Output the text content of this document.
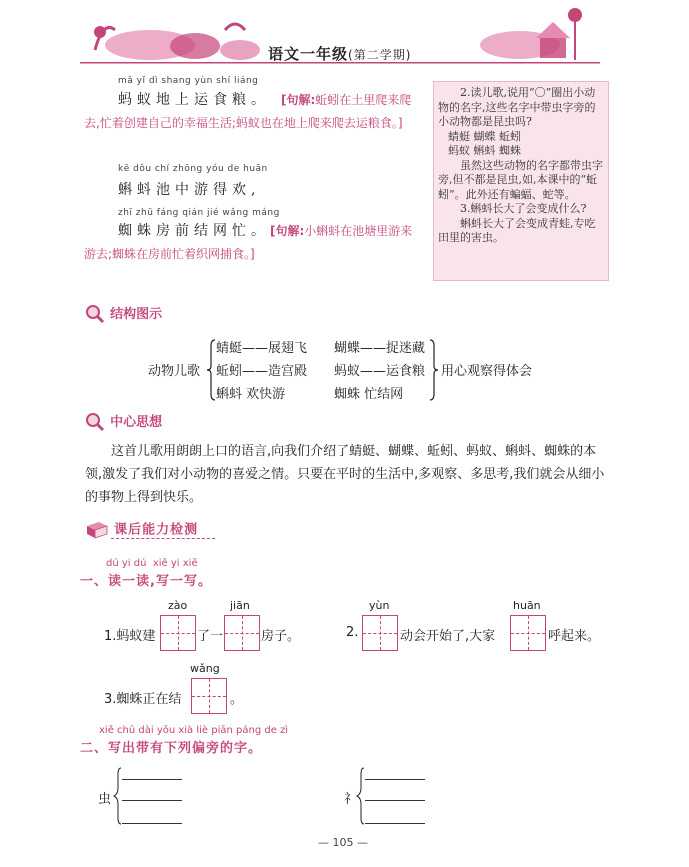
语文一年级(第二学期)
mǎ yǐ dì shang yùn shí liáng
蚂蚁地上运食粮。 [句解:蚯蚓在土里爬来爬去,忙着创建自己的幸福生活;蚂蚁也在地上爬来爬去运粮食。]
kē dǒu chí zhōng yóu de huān
蝌蚪池中游得欢,
zhī zhū fáng qián jié wǎng máng
蜘蛛房前结网忙。[句解:小蝌蚪在池塘里游来游去;蜘蛛在房前忙着织网捕食。]
2.读儿歌,说用“〇”圈出小动物的名字,这些名字中带虫字旁的小动物都是昆虫吗?
蜻蜓 蝴蝶 蚯蚓
蚂蚁 蝌蚪 蜘蛛
虽然这些动物的名字都带虫字旁,但不都是昆虫,如,本课中的“蚯蚓”。此外还有蝙蝠、蛇等。
3.蝌蚪长大了会变成什么?
蝌蚪长大了会变成青蛙,专吃田里的害虫。
结构图示
动物儿歌
蜻蜓——展翅飞 蝴蝶——捉迷藏
蚯蚓——造宫殿 蚂蚁——运食粮
蝌蚪 欢快游	蜘蛛 忙结网
用心观察得体会
中心思想
这首儿歌用朗朗上口的语言,向我们介绍了蜻蜓、蝴蝶、蚯蚓、蚂蚁、蝌蚪、蜘蛛的本领,激发了我们对小动物的喜爱之情。只要在平时的生活中,多观察、多思考,我们就会从细小的事物上得到快乐。
课后能力检测
dú yi dú xiě yi xiě
一、读一读,写一写。
zào	jiān
1.蚂蚁建	了一	房子。
yùn	huān
2.	动会开始了,大家	呼起来。
wǎng
3.蜘蛛正在结	。
xiě chū dài yǒu xià liè piān páng de zì
二、写出带有下列偏旁的字。
虫	礻
— 105 —
